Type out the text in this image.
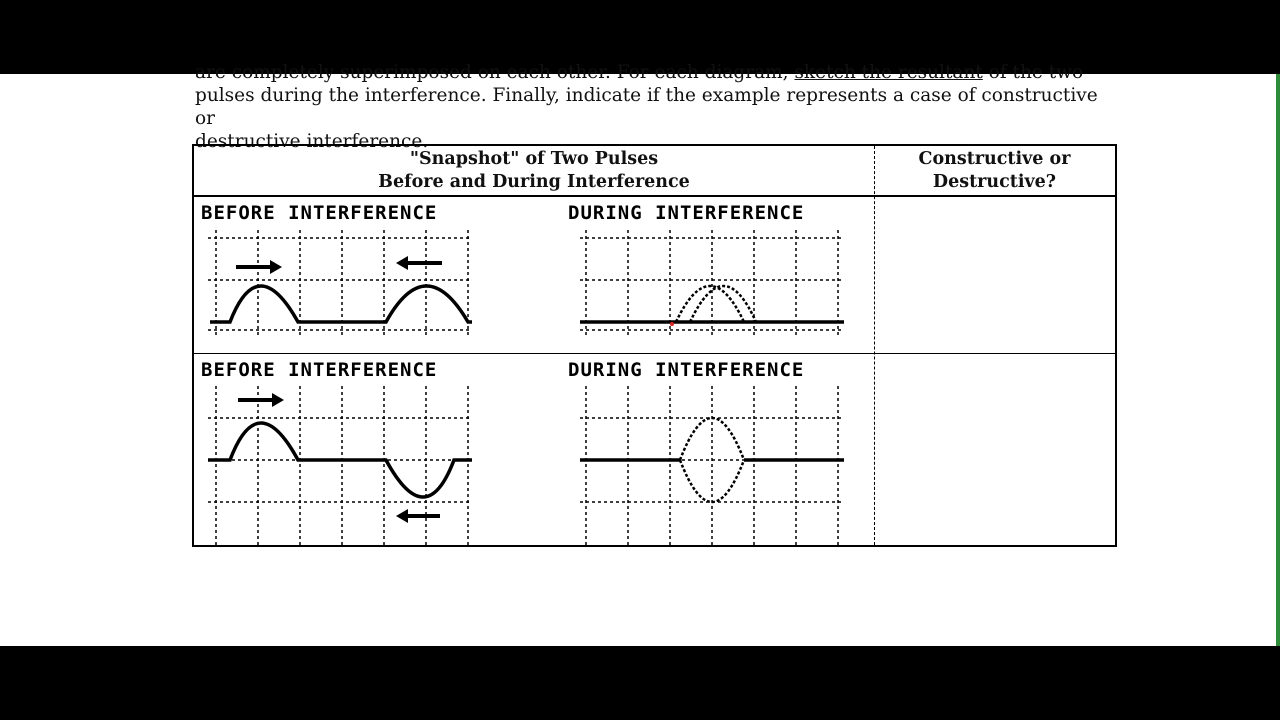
are completely superimposed on each other. For each diagram, sketch the resultant of the two
pulses during the interference. Finally, indicate if the example represents a case of constructive or
destructive interference.

"Snapshot" of Two Pulses
Before and During Interference
Constructive or
Destructive?
BEFORE INTERFERENCE	DURING INTERFERENCE
BEFORE INTERFERENCE	DURING INTERFERENCE
